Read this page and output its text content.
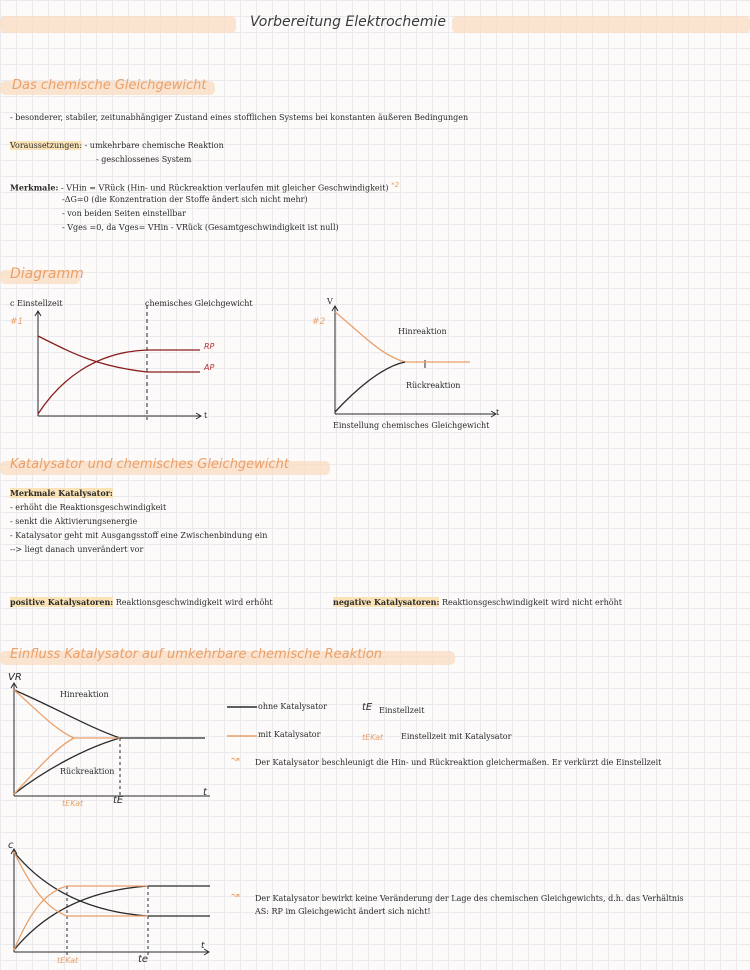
Vorbereitung Elektrochemie
Das chemische Gleichgewicht
- besonderer, stabiler, zeitunabhängiger Zustand eines stofflichen Systems bei konstanten äußeren Bedingungen
Voraussetzungen: - umkehrbare chemische Reaktion
- geschlossenes System
Merkmale: - VHin = VRück (Hin- und Rückreaktion verlaufen mit gleicher Geschwindigkeit) $^{*2}$
-ΔG=0 (die Konzentration der Stoffe ändert sich nicht mehr)
- von beiden Seiten einstellbar
- Vges =0, da Vges= VHin - VRück (Gesamtgeschwindigkeit ist null)
Diagramm
c Einstellzeit
#1
chemisches Gleichgewicht
RP
AP
t
V
#2
Hinreaktion
Rückreaktion
t
Einstellung chemisches Gleichgewicht
Katalysator und chemisches Gleichgewicht
Merkmale Katalysator:
- erhöht die Reaktionsgeschwindigkeit
- senkt die Aktivierungsenergie
- Katalysator geht mit Ausgangsstoff eine Zwischenbindung ein
--> liegt danach unverändert vor
positive Katalysatoren: Reaktionsgeschwindigkeit wird erhöht	negative Katalysatoren: Reaktionsgeschwindigkeit wird nicht erhöht
Einfluss Katalysator auf umkehrbare chemische Reaktion
VR
Hinreaktion
Rückreaktion
tEKat	tE
t
ohne Katalysator
mit Katalysator
tE Einstellzeit
tEKat Einstellzeit mit Katalysator
↝ Der Katalysator beschleunigt die Hin- und Rückreaktion gleichermaßen. Er verkürzt die Einstellzeit
c
tEKat	te
t
↝ Der Katalysator bewirkt keine Veränderung der Lage des chemischen Gleichgewichts, d.h. das Verhältnis
AS: RP im Gleichgewicht ändert sich nicht!
